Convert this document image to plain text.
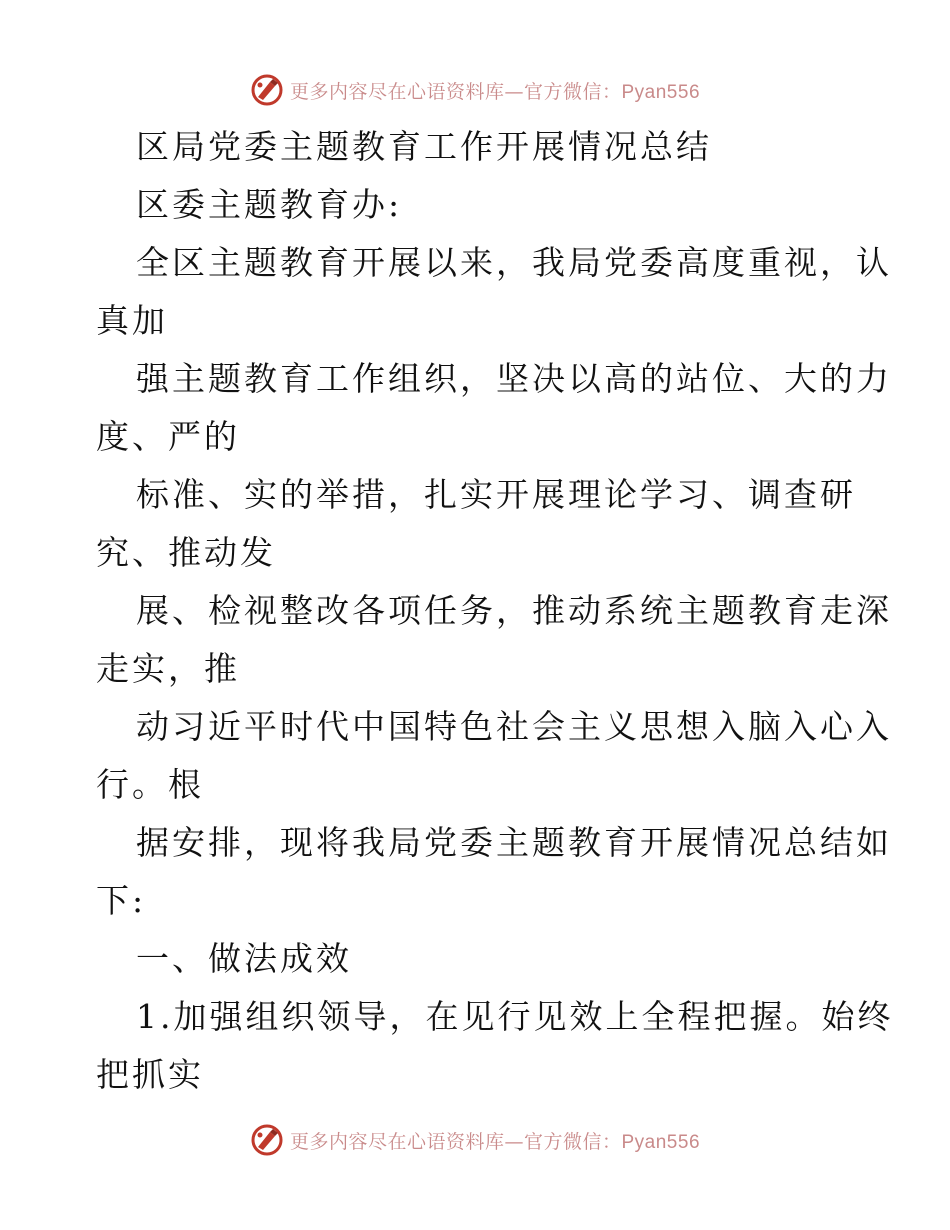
更多内容尽在心语资料库—官方微信：Pyan556
区局党委主题教育工作开展情况总结
区委主题教育办:
全区主题教育开展以来，我局党委高度重视，认
真加
强主题教育工作组织，坚决以高的站位、大的力
度、严的
标准、实的举措，扎实开展理论学习、调查研
究、推动发
展、检视整改各项任务，推动系统主题教育走深
走实，推
动习近平时代中国特色社会主义思想入脑入心入
行。根
据安排，现将我局党委主题教育开展情况总结如
下:
一、做法成效
1.加强组织领导，在见行见效上全程把握。始终
把抓实
更多内容尽在心语资料库—官方微信：Pyan556
